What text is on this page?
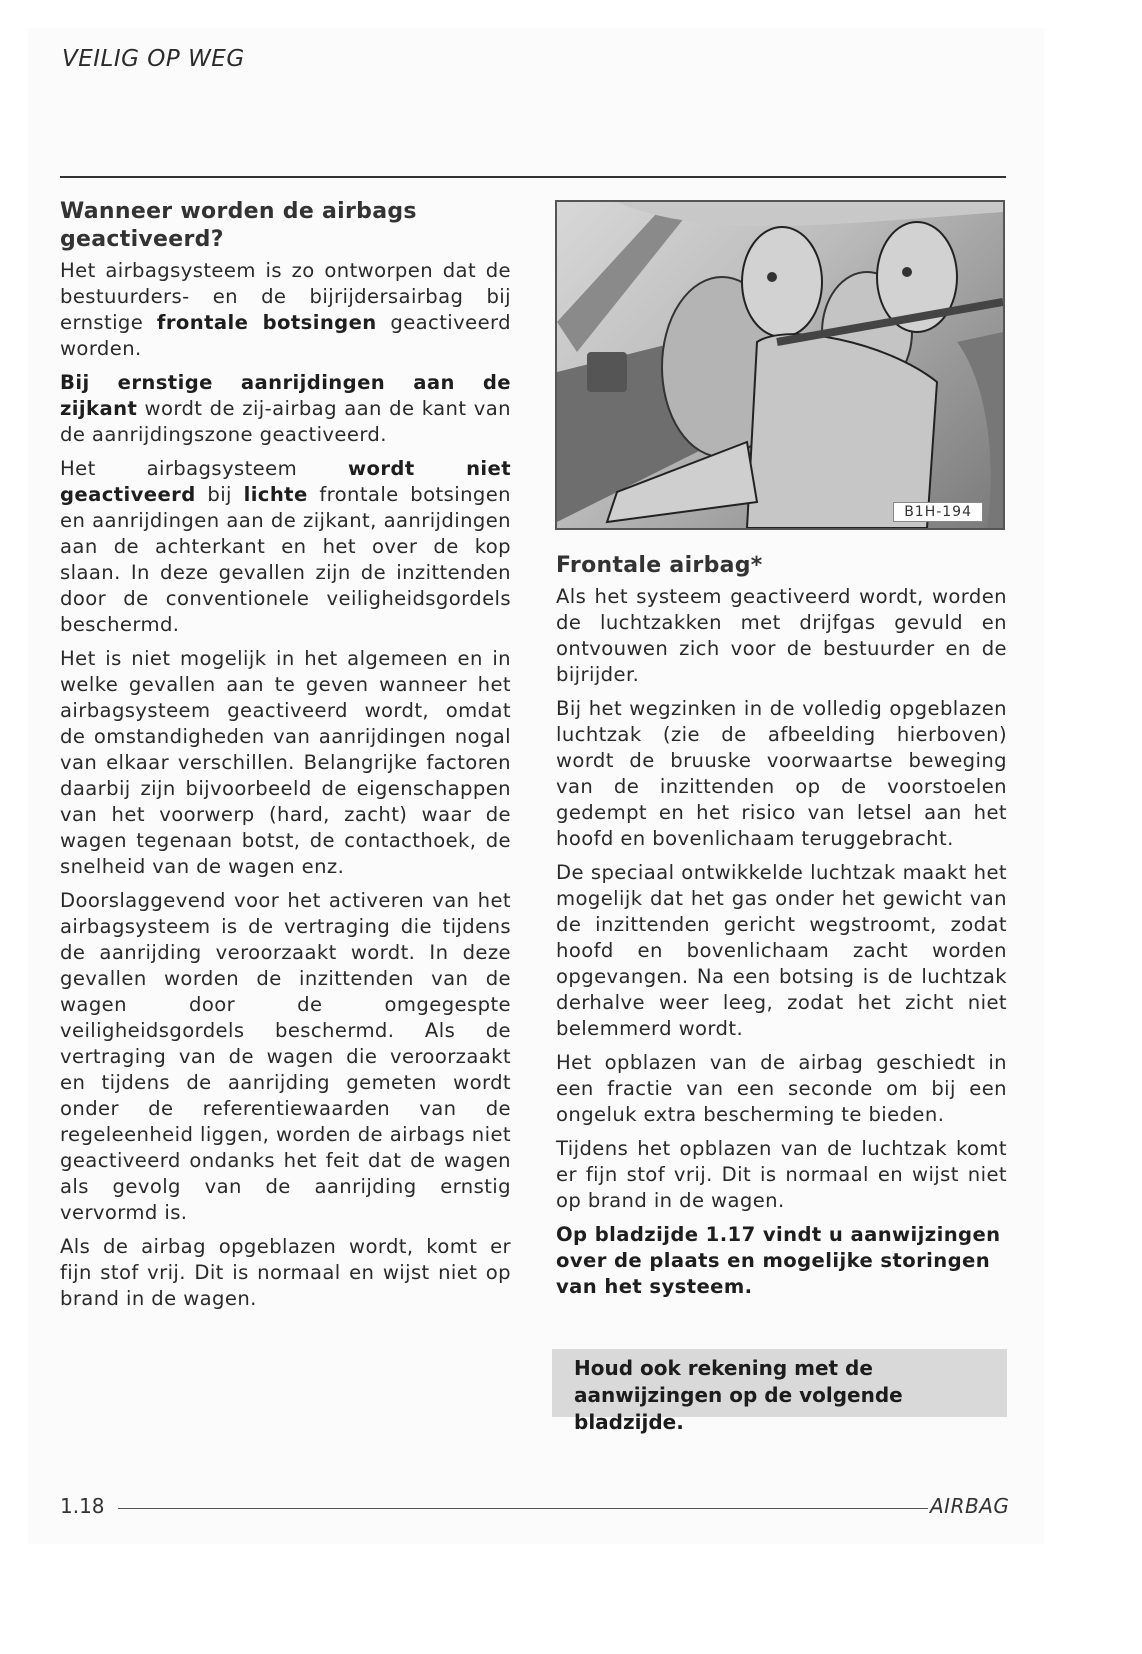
VEILIG OP WEG
Wanneer worden de airbags geactiveerd?

Het airbagsysteem is zo ontworpen dat de bestuurders- en de bijrijdersairbag bij ernstige frontale botsingen geactiveerd worden.

Bij ernstige aanrijdingen aan de zijkant wordt de zij-airbag aan de kant van de aanrijdingszone geactiveerd.

Het airbagsysteem wordt niet geactiveerd bij lichte frontale botsingen en aanrijdingen aan de zijkant, aanrijdingen aan de achterkant en het over de kop slaan. In deze gevallen zijn de inzittenden door de conventionele veiligheidsgordels beschermd.

Het is niet mogelijk in het algemeen en in welke gevallen aan te geven wanneer het airbagsysteem geactiveerd wordt, omdat de omstandigheden van aanrijdingen nogal van elkaar verschillen. Belangrijke factoren daarbij zijn bijvoorbeeld de eigenschappen van het voorwerp (hard, zacht) waar de wagen tegenaan botst, de contacthoek, de snelheid van de wagen enz.

Doorslaggevend voor het activeren van het airbagsysteem is de vertraging die tijdens de aanrijding veroorzaakt wordt. In deze gevallen worden de inzittenden van de wagen door de omgegespte veiligheidsgordels beschermd. Als de vertraging van de wagen die veroorzaakt en tijdens de aanrijding gemeten wordt onder de referentiewaarden van de regeleenheid liggen, worden de airbags niet geactiveerd ondanks het feit dat de wagen als gevolg van de aanrijding ernstig vervormd is.

Als de airbag opgeblazen wordt, komt er fijn stof vrij. Dit is normaal en wijst niet op brand in de wagen.

B1H-194
Frontale airbag*

Als het systeem geactiveerd wordt, worden de luchtzakken met drijfgas gevuld en ontvouwen zich voor de bestuurder en de bijrijder.

Bij het wegzinken in de volledig opgeblazen luchtzak (zie de afbeelding hierboven) wordt de bruuske voorwaartse beweging van de inzittenden op de voorstoelen gedempt en het risico van letsel aan het hoofd en bovenlichaam teruggebracht.

De speciaal ontwikkelde luchtzak maakt het mogelijk dat het gas onder het gewicht van de inzittenden gericht wegstroomt, zodat hoofd en bovenlichaam zacht worden opgevangen. Na een botsing is de luchtzak derhalve weer leeg, zodat het zicht niet belemmerd wordt.

Het opblazen van de airbag geschiedt in een fractie van een seconde om bij een ongeluk extra bescherming te bieden.

Tijdens het opblazen van de luchtzak komt er fijn stof vrij. Dit is normaal en wijst niet op brand in de wagen.

Op bladzijde 1.17 vindt u aanwijzingen over de plaats en mogelijke storingen van het systeem.

Houd ook rekening met de aanwijzingen op de volgende bladzijde.
1.18	AIRBAG
